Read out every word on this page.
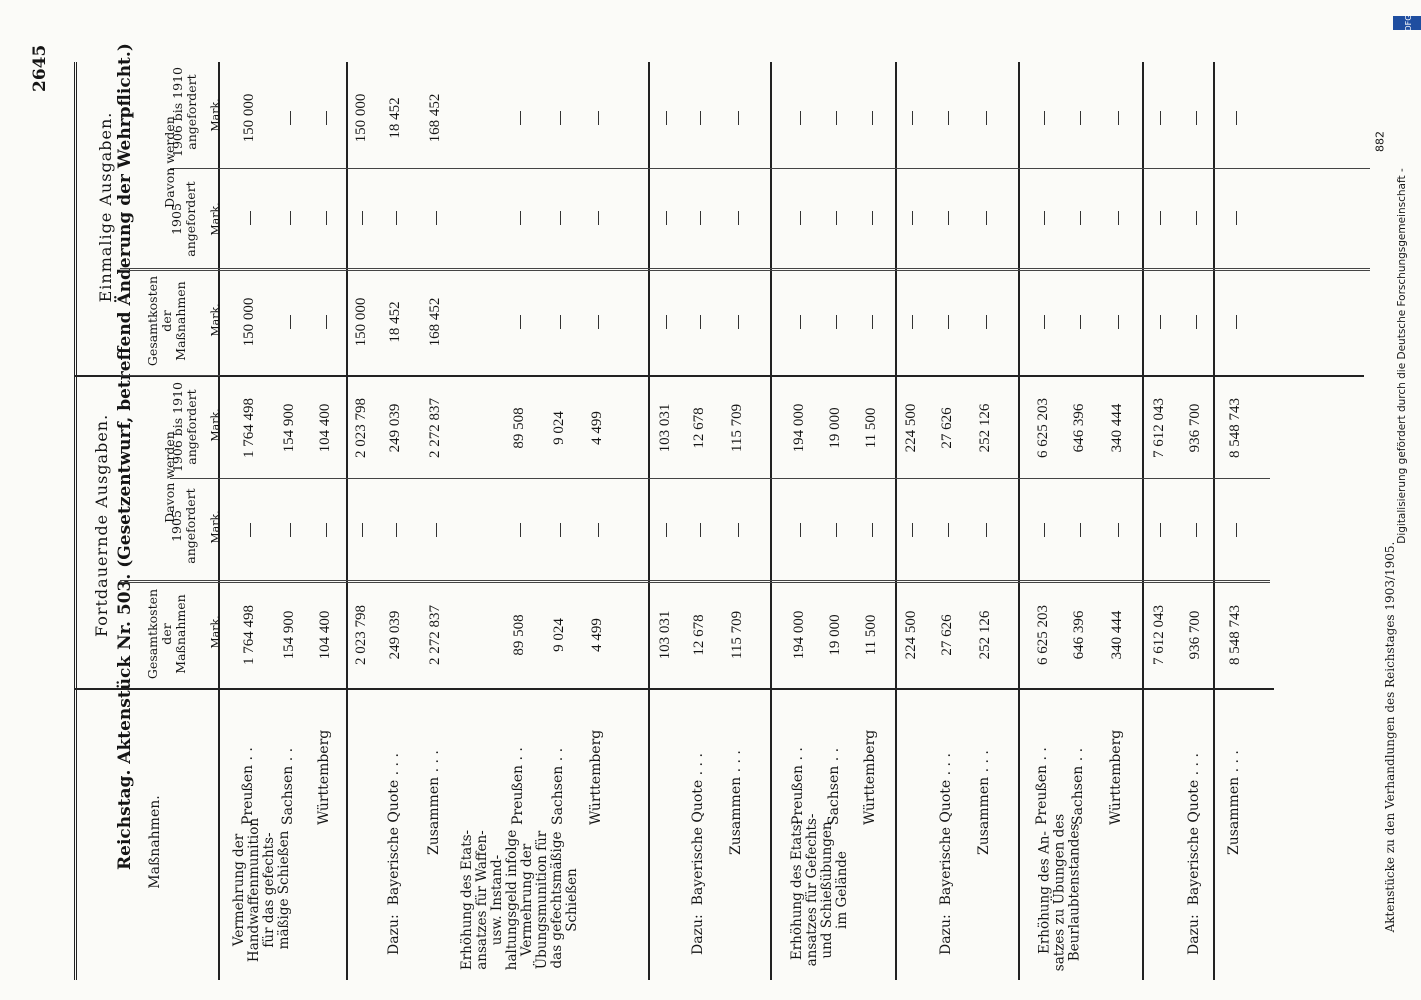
Reichstag. Aktenstück Nr. 503. (Gesetzentwurf, betreffend Änderung der Wehrpflicht.)
2645
Maßnahmen.
Fortdauernde Ausgaben.
Einmalige Ausgaben.
Gesamtkosten
der
Maßnahmen Mark.
Davon werden
1905
angefordert Mark.
1906 bis 1910
angefordert Mark.
Gesamtkosten
der
Maßnahmen Mark.
Davon werden
1905
angefordert Mark.
1906 bis 1910
angefordert Mark.
Vermehrung der
Handwaffenmunition
für das gefechts-
mäßige Schießen
Preußen . .
1 764 498
1 764 498
150 000
150 000
Sachsen . .
154 900
154 900
Württemberg
104 400
104 400
2 023 798
2 023 798
150 000
150 000
Dazu:  Bayerische Quote . . .
249 039
249 039
18 452
18 452
Zusammen . . .
2 272 837
2 272 837
168 452
168 452
Erhöhung des Etats-
ansatzes für Waffen-
usw. Instand-
haltungsgeld infolge
Vermehrung der
Übungsmunition für
das gefechtsmäßige
Schießen
Preußen . .
89 508
89 508
Sachsen . .
9 024
9 024
Württemberg
4 499
4 499
103 031
103 031
Dazu:  Bayerische Quote . . .
12 678
12 678
Zusammen . . .
115 709
115 709
Erhöhung des Etats-
ansatzes für Gefechts-
und Schießübungen
im Gelände
Preußen . .
194 000
194 000
Sachsen . .
19 000
19 000
Württemberg
11 500
11 500
224 500
224 500
Dazu:  Bayerische Quote . . .
27 626
27 626
Zusammen . . .
252 126
252 126
Erhöhung des An-
satzes zu Übungen des
Beurlaubtenstandes
Preußen . .
6 625 203
6 625 203
Sachsen . .
646 396
646 396
Württemberg
340 444
340 444
7 612 043
7 612 043
Dazu:  Bayerische Quote . . .
936 700
936 700
Zusammen . . .
8 548 743
8 548 743
Aktenstücke zu den Verhandlungen des Reichstages 1903/1905.
882
Digitalisierung gefördert durch die Deutsche Forschungsgemeinschaft -
DFG
